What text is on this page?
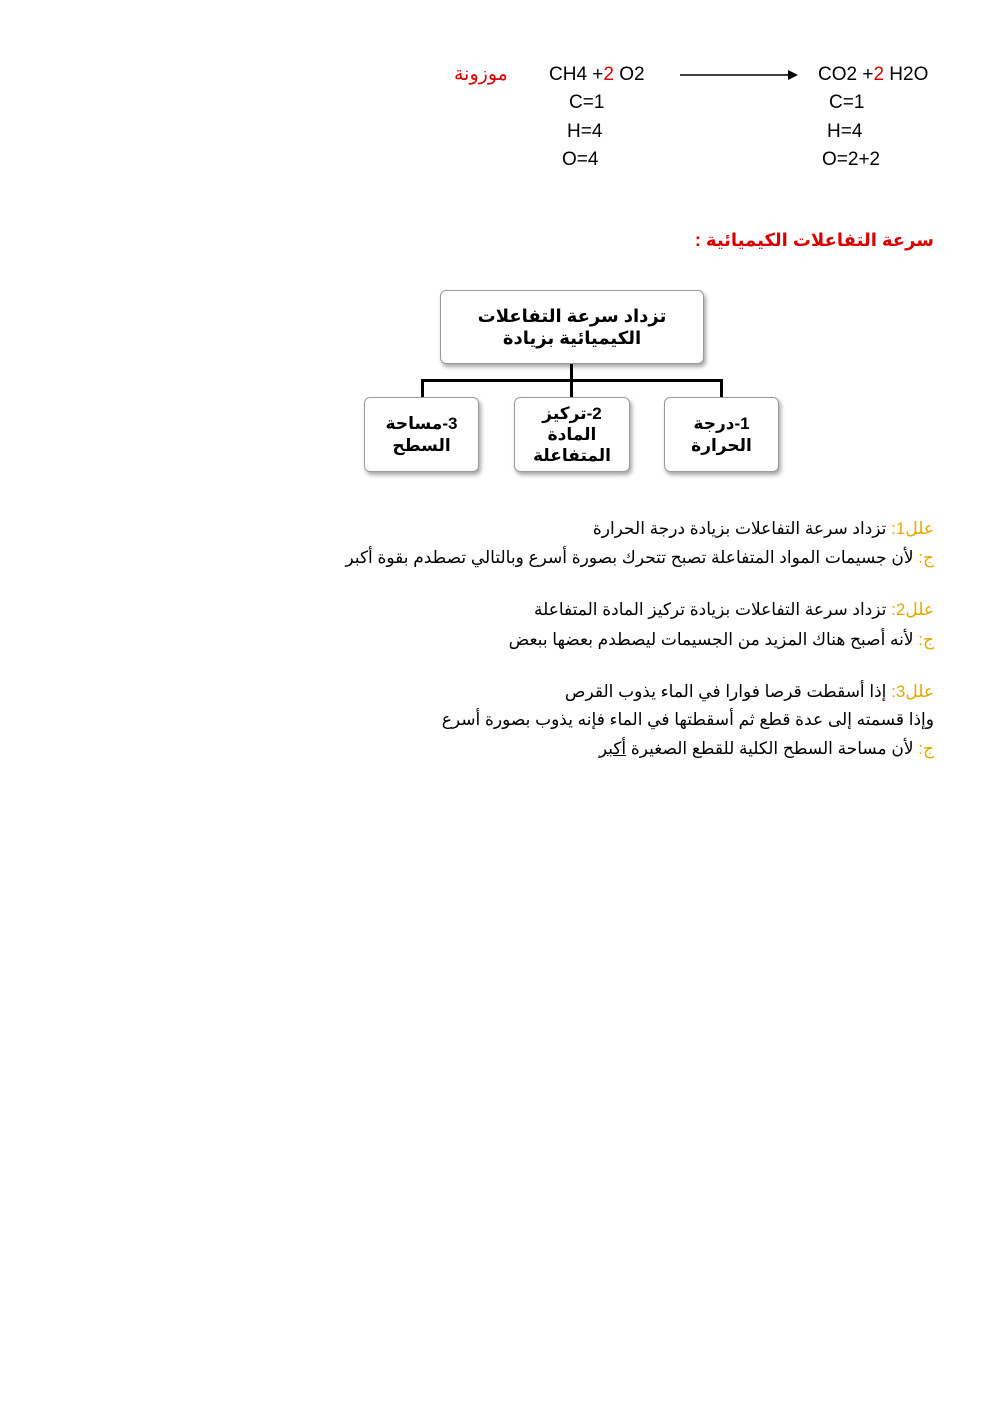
موزونة CH4 +2 O2	CO2 +2 H2O
C=1
H=4
O=4
C=1
H=4
O=2+2
سرعة التفاعلات الكيميائية :
تزداد سرعة التفاعلات الكيميائية بزيادة
1-درجة الحرارة
2-تركيز المادة المتفاعلة
3-مساحة السطح
علل1: تزداد سرعة التفاعلات بزيادة درجة الحرارة
ج: لأن جسيمات المواد المتفاعلة تصبح تتحرك بصورة أسرع وبالتالي تصطدم بقوة أكبر
علل2: تزداد سرعة التفاعلات بزيادة تركيز المادة المتفاعلة
ج: لأنه أصبح هناك المزيد من الجسيمات ليصطدم بعضها ببعض
علل3: إذا أسقطت قرصا فوارا في الماء يذوب القرص
وإذا قسمته إلى عدة قطع ثم أسقطتها في الماء فإنه يذوب بصورة أسرع
ج: لأن مساحة السطح الكلية للقطع الصغيرة أكبر
